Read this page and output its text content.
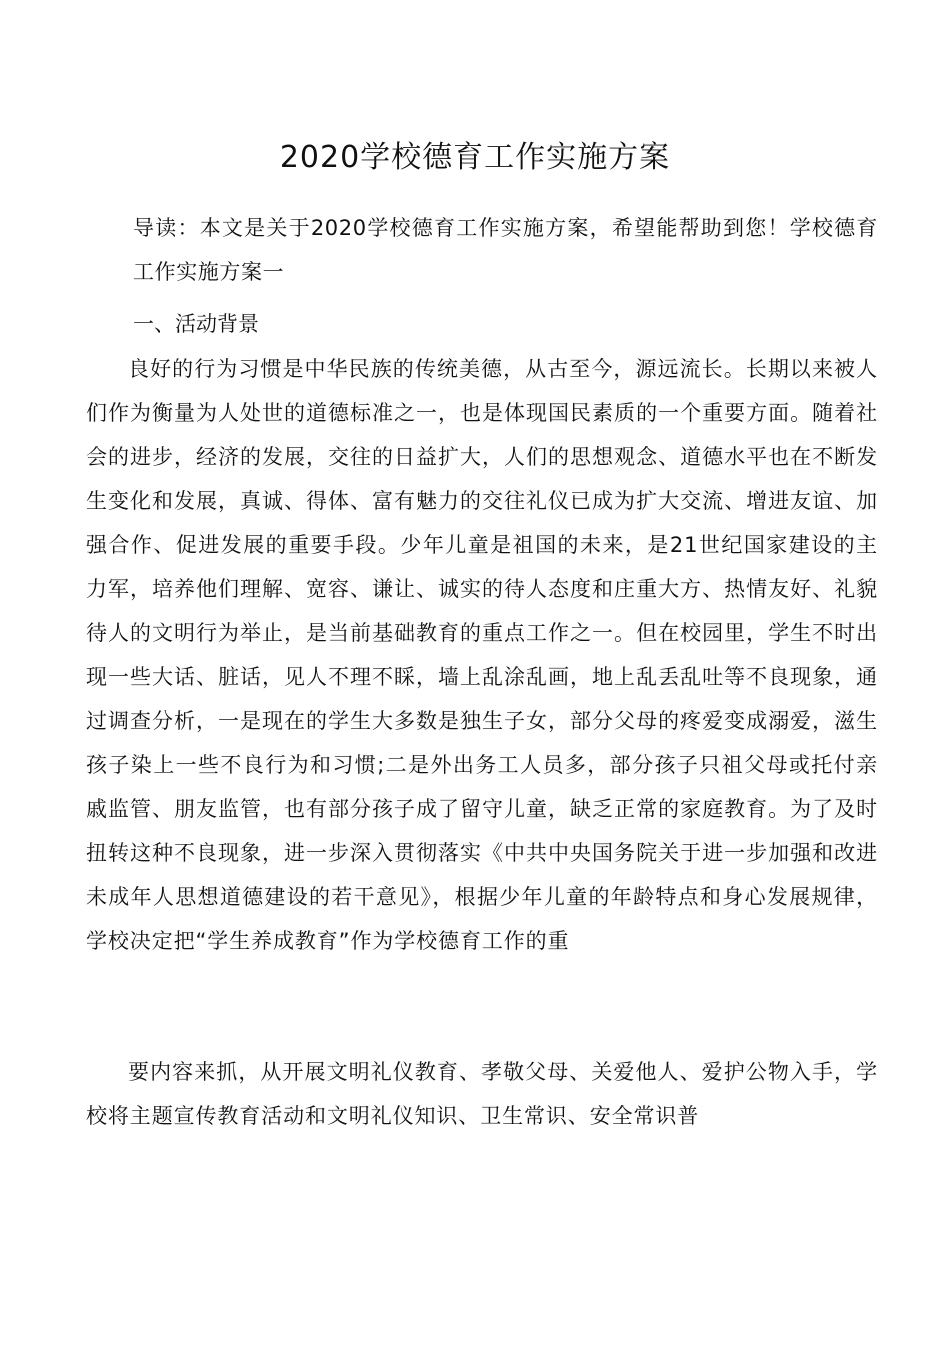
2020学校德育工作实施方案

导读：本文是关于2020学校德育工作实施方案，希望能帮助到您！学校德育工作实施方案一

一、活动背景

良好的行为习惯是中华民族的传统美德，从古至今，源远流长。长期以来被人们作为衡量为人处世的道德标准之一，也是体现国民素质的一个重要方面。随着社会的进步，经济的发展，交往的日益扩大，人们的思想观念、道德水平也在不断发生变化和发展，真诚、得体、富有魅力的交往礼仪已成为扩大交流、增进友谊、加强合作、促进发展的重要手段。少年儿童是祖国的未来，是21世纪国家建设的主力军，培养他们理解、宽容、谦让、诚实的待人态度和庄重大方、热情友好、礼貌待人的文明行为举止，是当前基础教育的重点工作之一。但在校园里，学生不时出现一些大话、脏话，见人不理不睬，墙上乱涂乱画，地上乱丢乱吐等不良现象，通过调查分析，一是现在的学生大多数是独生子女，部分父母的疼爱变成溺爱，滋生孩子染上一些不良行为和习惯;二是外出务工人员多，部分孩子只祖父母或托付亲戚监管、朋友监管，也有部分孩子成了留守儿童，缺乏正常的家庭教育。为了及时扭转这种不良现象，进一步深入贯彻落实《中共中央国务院关于进一步加强和改进未成年人思想道德建设的若干意见》，根据少年儿童的年龄特点和身心发展规律，学校决定把“学生养成教育”作为学校德育工作的重

要内容来抓，从开展文明礼仪教育、孝敬父母、关爱他人、爱护公物入手，学校将主题宣传教育活动和文明礼仪知识、卫生常识、安全常识普
